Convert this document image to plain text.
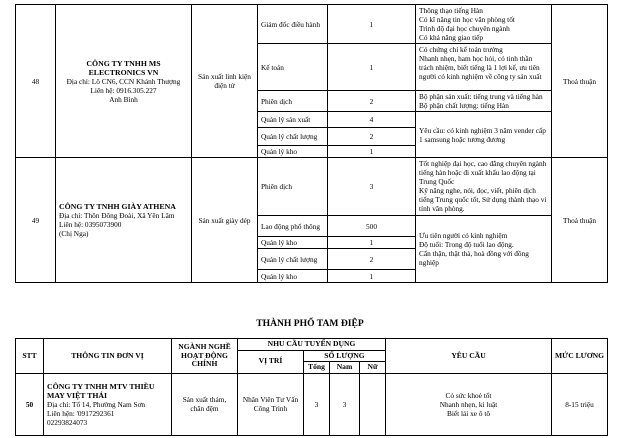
48	CÔNG TY TNHH MS ELECTRONICS VN
Địa chỉ: Lô CN6, CCN Khánh Thượng
Liên hệ: 0916.305.227
Anh Bình	Sản xuất linh kiện điện tử	Giám đốc điều hành	1	Thông thạo tiếng Hàn
Có kĩ năng tin học văn phòng tốt
Trình độ đại học chuyên ngành
Có khả năng giao tiếp	Thoả thuận
			Kế toán	1	Có chứng chỉ kế toán trưởng
Nhanh nhẹn, ham học hỏi, có tinh thần trách nhiệm, biết tiếng là 1 lợi kế, ưu tiên người có kinh nghiệm về công ty sản xuất	

			Phiên dịch	2	Bộ phận sản xuất: tiếng trung và tiếng hàn
Bộ phận chất lượng: tiếng Hàn	

			Quản lý sản xuất	4	Yêu cầu: có kinh nghiệm 3 năm vender cấp 1 samsung hoặc tương đương	

			Quản lý chất lượng	2		
			Quản lý kho	1		
49	CÔNG TY TNHH GIÀY ATHENA
Địa chỉ: Thôn Đông Đoài, Xã Yên Lâm
Liên hệ: 0395073900
(Chị Nga)	Sản xuất giày dép	Phiên dịch	3	Tốt nghiệp đại học, cao đẳng chuyên ngành tiếng hàn hoặc đi xuất khẩu lao động tại Trung Quốc
Kỹ năng nghe, nói, đọc, viết, phiên dịch tiếng Trung quốc tốt, Sử dụng thành thạo vi tính văn phòng.	Thoả thuận
			Lao động phổ thông	500	Ưu tiên người có kinh nghiệm
Độ tuổi: Trong độ tuổi lao động.
Cẩn thận, thật thà, hoà đồng với đồng nghiệp	

			Quản lý kho	1		
			Quản lý chất lượng	2		
			Quản lý kho	1		
THÀNH PHỐ TAM ĐIỆP
STT	THÔNG TIN ĐƠN VỊ	NGÀNH NGHỀ HOẠT ĐỘNG CHÍNH	NHU CẦU TUYỂN DỤNG				YÊU CẦU	MỨC LƯƠNG
			VỊ TRÍ	SỐ LƯỢNG				
				Tổng	Nam	Nữ		
50	CÔNG TY TNHH MTV THIỀU MAY VIỆT THÁI
Địa chỉ: Tổ 14, Phường Nam Sơn
Liên hện: '0917292361
02293824073	Sản xuất thảm, chăn đệm	Nhân Viên Tư Vấn Công Trình	3	3		Có sức khoẻ tốt
Nhanh nhẹn, kỉ luật
Biết lái xe ô tô	8-15 triệu
